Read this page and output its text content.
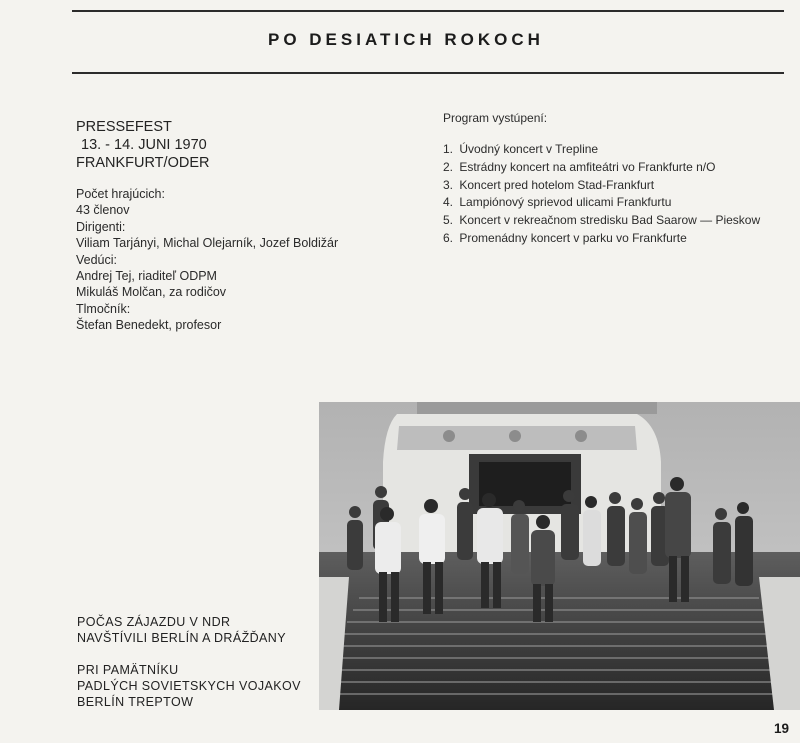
PO DESIATICH ROKOCH
PRESSEFEST
13. - 14. JUNI 1970
FRANKFURT/ODER
Počet hrajúcich:
43 členov
Dirigenti:
Viliam Tarjányi, Michal Olejarník, Jozef Boldižár
Vedúci:
Andrej Tej, riaditeľ ODPM
Mikuláš Molčan, za rodičov
Tlmočník:
Štefan Benedekt, profesor
Program vystúpení:
1. Úvodný koncert v Trepline
2. Estrádny koncert na amfiteátri vo Frankfurte n/O
3. Koncert pred hotelom Stad-Frankfurt
4. Lampiónový sprievod ulicami Frankfurtu
5. Koncert v rekreačnom stredisku Bad Saarow — Pieskow
6. Promenádny koncert v parku vo Frankfurte
POČAS ZÁJAZDU V NDR
NAVŠTÍVILI BERLÍN A DRÁŽĎANY
PRI PAMÄTNÍKU
PADLÝCH SOVIETSKYCH VOJAKOV
BERLÍN TREPTOW
19
